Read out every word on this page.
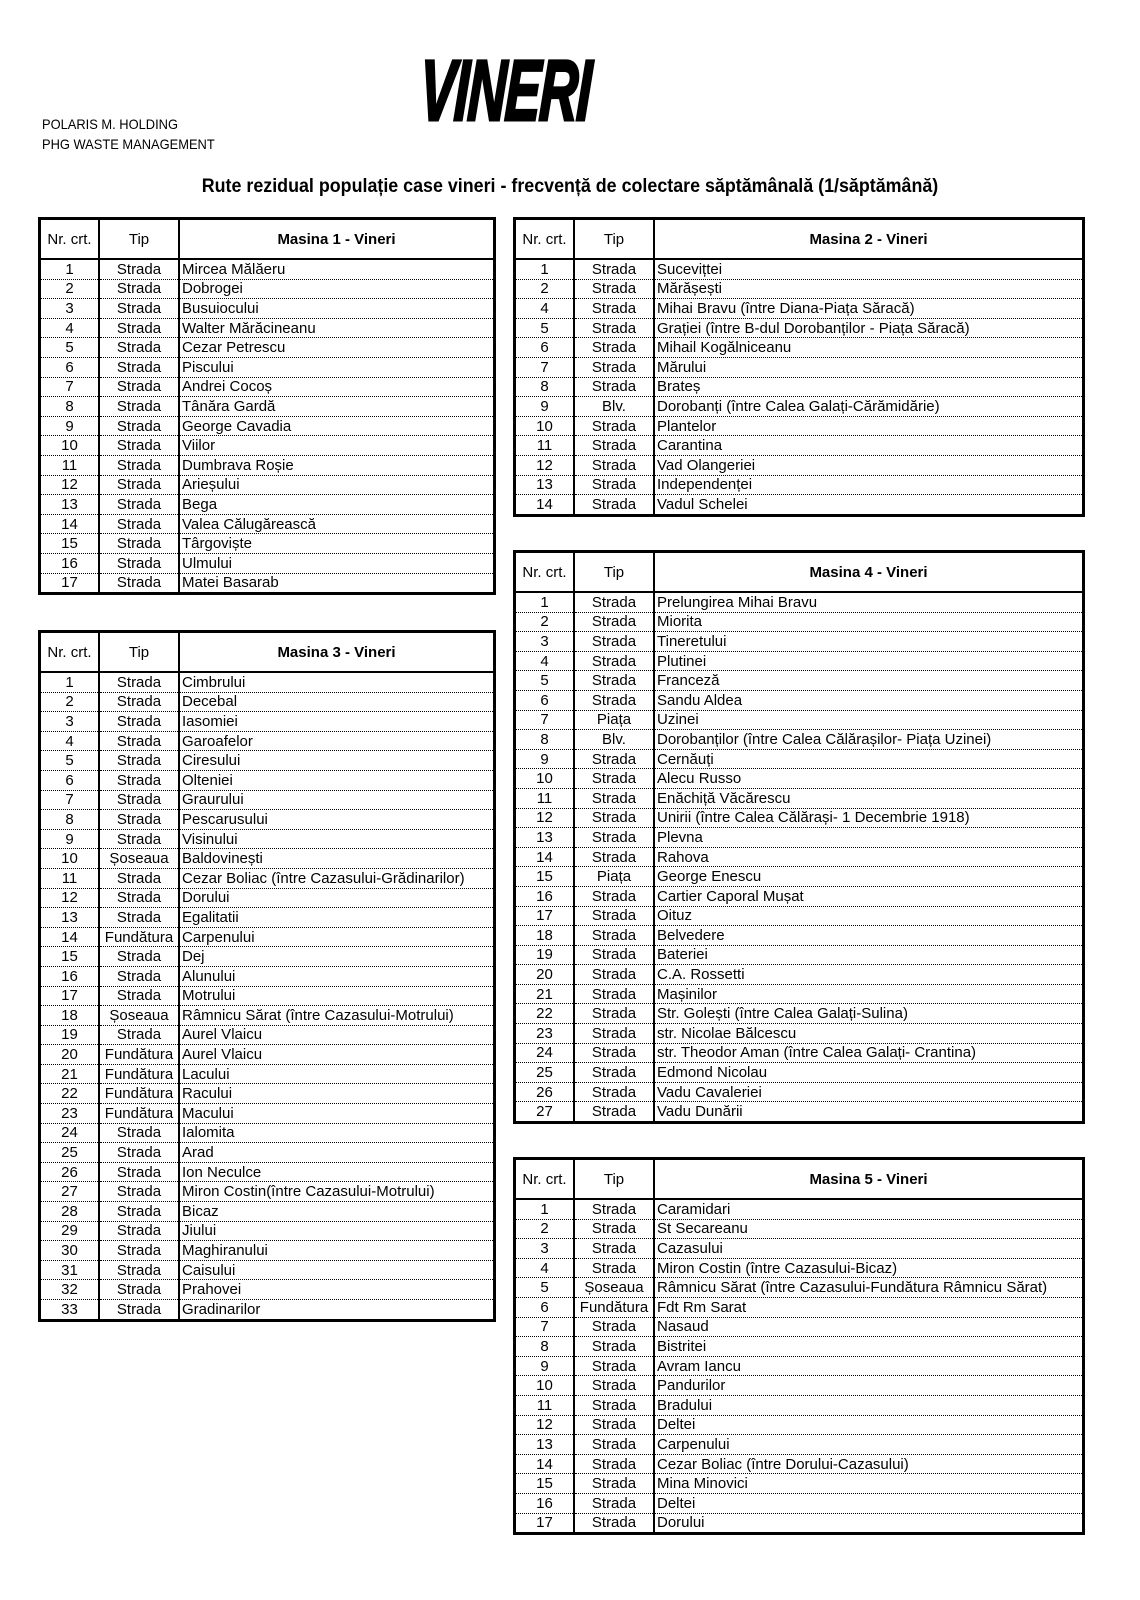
POLARIS M. HOLDING
PHG WASTE MANAGEMENT
VINERI
Rute rezidual populație case vineri - frecvență de colectare săptămânală (1/săptămână)
Nr. crt.	Tip	Masina 1 - Vineri
1	Strada	Mircea Mălăeru
2	Strada	Dobrogei
3	Strada	Busuiocului
4	Strada	Walter Mărăcineanu
5	Strada	Cezar Petrescu
6	Strada	Piscului
7	Strada	Andrei Cocoș
8	Strada	Tânăra Gardă
9	Strada	George Cavadia
10	Strada	Viilor
11	Strada	Dumbrava Roșie
12	Strada	Arieșului
13	Strada	Bega
14	Strada	Valea Călugărească
15	Strada	Târgoviște
16	Strada	Ulmului
17	Strada	Matei Basarab
Nr. crt.	Tip	Masina 2 - Vineri
1	Strada	Sucevițtei
2	Strada	Mărășești
4	Strada	Mihai Bravu (între Diana-Piața Săracă)
5	Strada	Grației (între B-dul Dorobanților - Piața Săracă)
6	Strada	Mihail Kogălniceanu
7	Strada	Mărului
8	Strada	Brateș
9	Blv.	Dorobanți (între Calea Galați-Cărămidărie)
10	Strada	Plantelor
11	Strada	Carantina
12	Strada	Vad Olangeriei
13	Strada	Independenței
14	Strada	Vadul Schelei
Nr. crt.	Tip	Masina 3 - Vineri
1	Strada	Cimbrului
2	Strada	Decebal
3	Strada	Iasomiei
4	Strada	Garoafelor
5	Strada	Ciresului
6	Strada	Olteniei
7	Strada	Graurului
8	Strada	Pescarusului
9	Strada	Visinului
10	Șoseaua	Baldovinești
11	Strada	Cezar Boliac (între Cazasului-Grădinarilor)
12	Strada	Dorului
13	Strada	Egalitatii
14	Fundătura	Carpenului
15	Strada	Dej
16	Strada	Alunului
17	Strada	Motrului
18	Șoseaua	Râmnicu Sărat (între Cazasului-Motrului)
19	Strada	Aurel Vlaicu
20	Fundătura	Aurel Vlaicu
21	Fundătura	Lacului
22	Fundătura	Racului
23	Fundătura	Macului
24	Strada	Ialomita
25	Strada	Arad
26	Strada	Ion Neculce
27	Strada	Miron Costin(între Cazasului-Motrului)
28	Strada	Bicaz
29	Strada	Jiului
30	Strada	Maghiranului
31	Strada	Caisului
32	Strada	Prahovei
33	Strada	Gradinarilor
Nr. crt.	Tip	Masina 4 - Vineri
1	Strada	Prelungirea Mihai Bravu
2	Strada	Miorita
3	Strada	Tineretului
4	Strada	Plutinei
5	Strada	Franceză
6	Strada	Sandu Aldea
7	Piața	Uzinei
8	Blv.	Dorobanților (între Calea Călărașilor- Piața Uzinei)
9	Strada	Cernăuți
10	Strada	Alecu Russo
11	Strada	Enăchiță Văcărescu
12	Strada	Unirii (între Calea Călărași- 1 Decembrie 1918)
13	Strada	Plevna
14	Strada	Rahova
15	Piața	George Enescu
16	Strada	Cartier Caporal Mușat
17	Strada	Oituz
18	Strada	Belvedere
19	Strada	Bateriei
20	Strada	C.A. Rossetti
21	Strada	Mașinilor
22	Strada	Str. Golești (între Calea Galați-Sulina)
23	Strada	str. Nicolae Bălcescu
24	Strada	str. Theodor Aman (între Calea Galați- Crantina)
25	Strada	Edmond Nicolau
26	Strada	Vadu Cavaleriei
27	Strada	Vadu Dunării
Nr. crt.	Tip	Masina 5 - Vineri
1	Strada	Caramidari
2	Strada	St Secareanu
3	Strada	Cazasului
4	Strada	Miron Costin (între Cazasului-Bicaz)
5	Șoseaua	Râmnicu Sărat (între Cazasului-Fundătura Râmnicu Sărat)
6	Fundătura	Fdt Rm Sarat
7	Strada	Nasaud
8	Strada	Bistritei
9	Strada	Avram Iancu
10	Strada	Pandurilor
11	Strada	Bradului
12	Strada	Deltei
13	Strada	Carpenului
14	Strada	Cezar Boliac (între Dorului-Cazasului)
15	Strada	Mina Minovici
16	Strada	Deltei
17	Strada	Dorului
